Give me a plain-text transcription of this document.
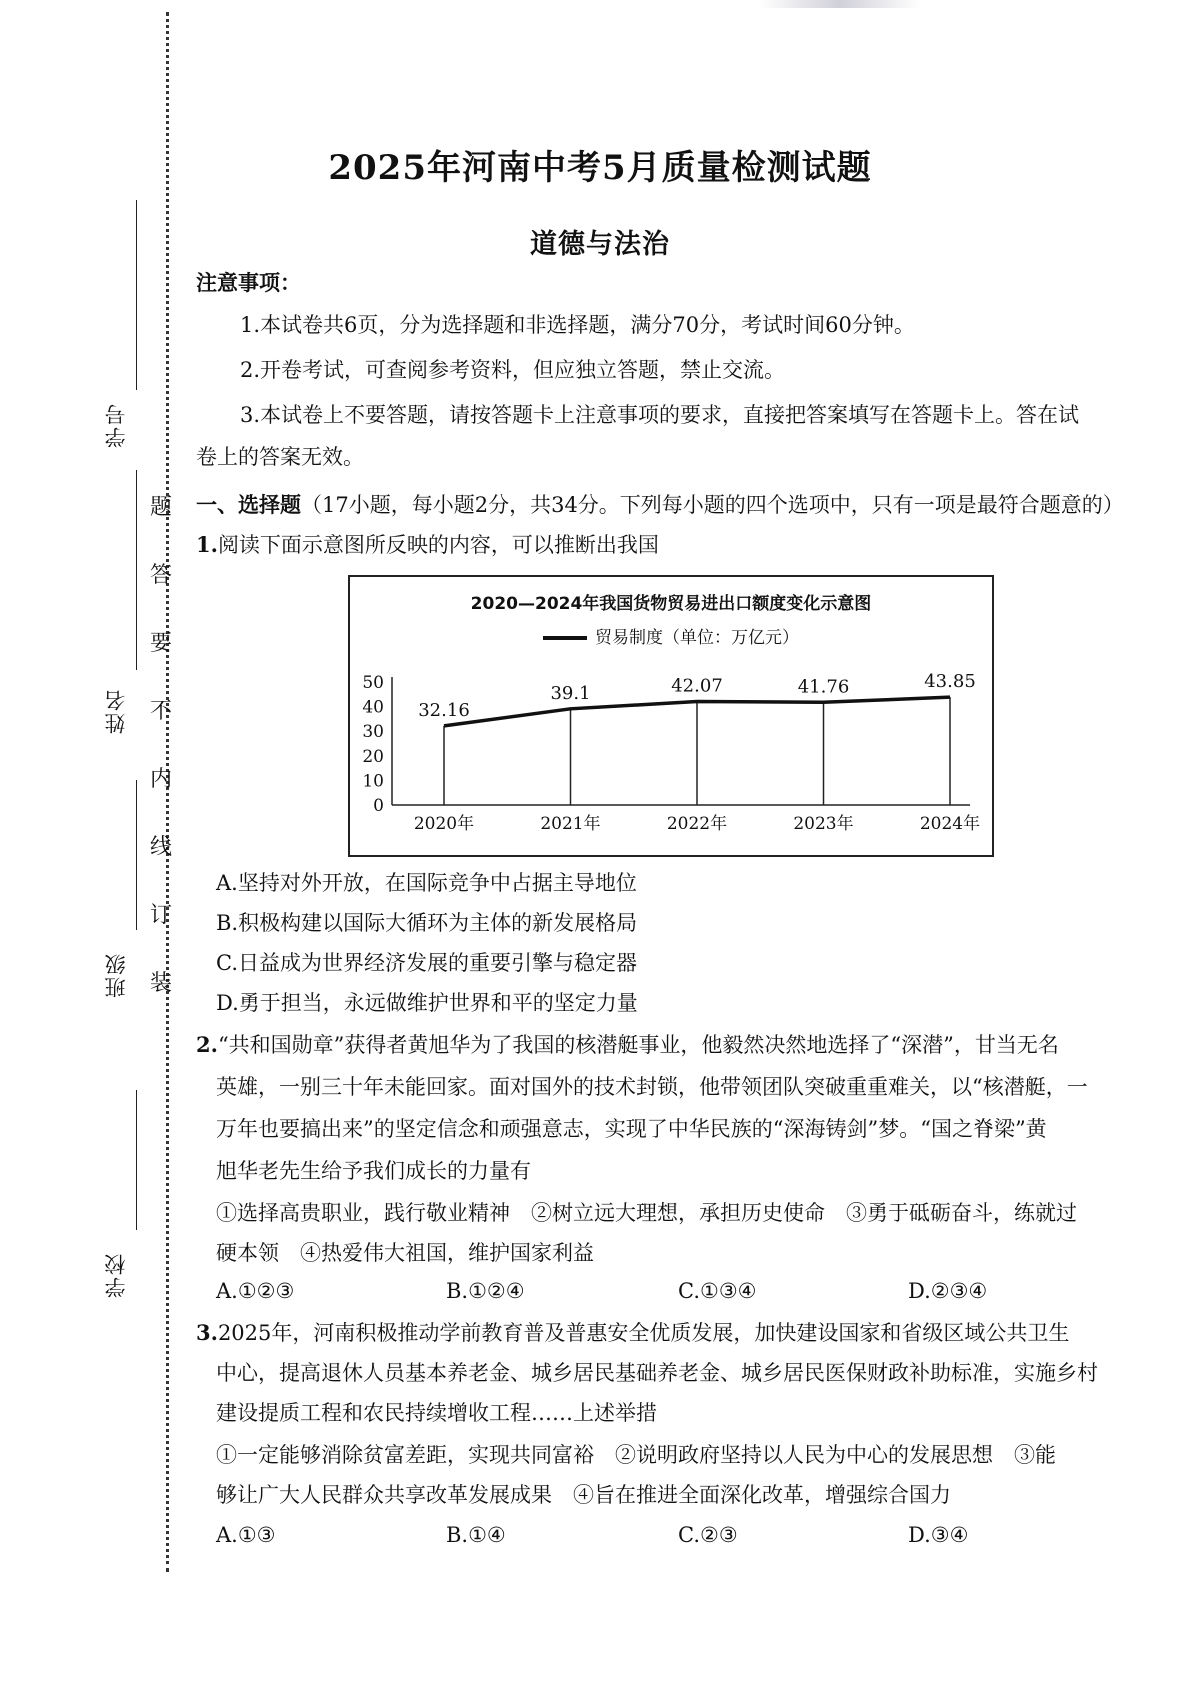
学号
姓名
班级
学校
题
答
要
不
内
线
订
装
2025年河南中考5月质量检测试题
道德与法治
注意事项：
1.本试卷共6页，分为选择题和非选择题，满分70分，考试时间60分钟。
2.开卷考试，可查阅参考资料，但应独立答题，禁止交流。
3.本试卷上不要答题，请按答题卡上注意事项的要求，直接把答案填写在答题卡上。答在试
卷上的答案无效。
一、选择题（17小题，每小题2分，共34分。下列每小题的四个选项中，只有一项是最符合题意的）
1.阅读下面示意图所反映的内容，可以推断出我国
2020—2024年我国货物贸易进出口额度变化示意图
贸易制度（单位：万亿元）
0
10
20
30
40
50
32.16
39.1	42.07	41.76	43.85
2020年	2021年	2022年	2023年	2024年
A.坚持对外开放，在国际竞争中占据主导地位
B.积极构建以国际大循环为主体的新发展格局
C.日益成为世界经济发展的重要引擎与稳定器
D.勇于担当，永远做维护世界和平的坚定力量
2.“共和国勋章”获得者黄旭华为了我国的核潜艇事业，他毅然决然地选择了“深潜”，甘当无名
英雄，一别三十年未能回家。面对国外的技术封锁，他带领团队突破重重难关，以“核潜艇，一
万年也要搞出来”的坚定信念和顽强意志，实现了中华民族的“深海铸剑”梦。“国之脊梁”黄
旭华老先生给予我们成长的力量有
①选择高贵职业，践行敬业精神　②树立远大理想，承担历史使命　③勇于砥砺奋斗，练就过
硬本领　④热爱伟大祖国，维护国家利益
A.①②③	B.①②④	C.①③④	D.②③④
3.2025年，河南积极推动学前教育普及普惠安全优质发展，加快建设国家和省级区域公共卫生
中心，提高退休人员基本养老金、城乡居民基础养老金、城乡居民医保财政补助标准，实施乡村
建设提质工程和农民持续增收工程……上述举措
①一定能够消除贫富差距，实现共同富裕　②说明政府坚持以人民为中心的发展思想　③能
够让广大人民群众共享改革发展成果　④旨在推进全面深化改革，增强综合国力
A.①③	B.①④	C.②③	D.③④
